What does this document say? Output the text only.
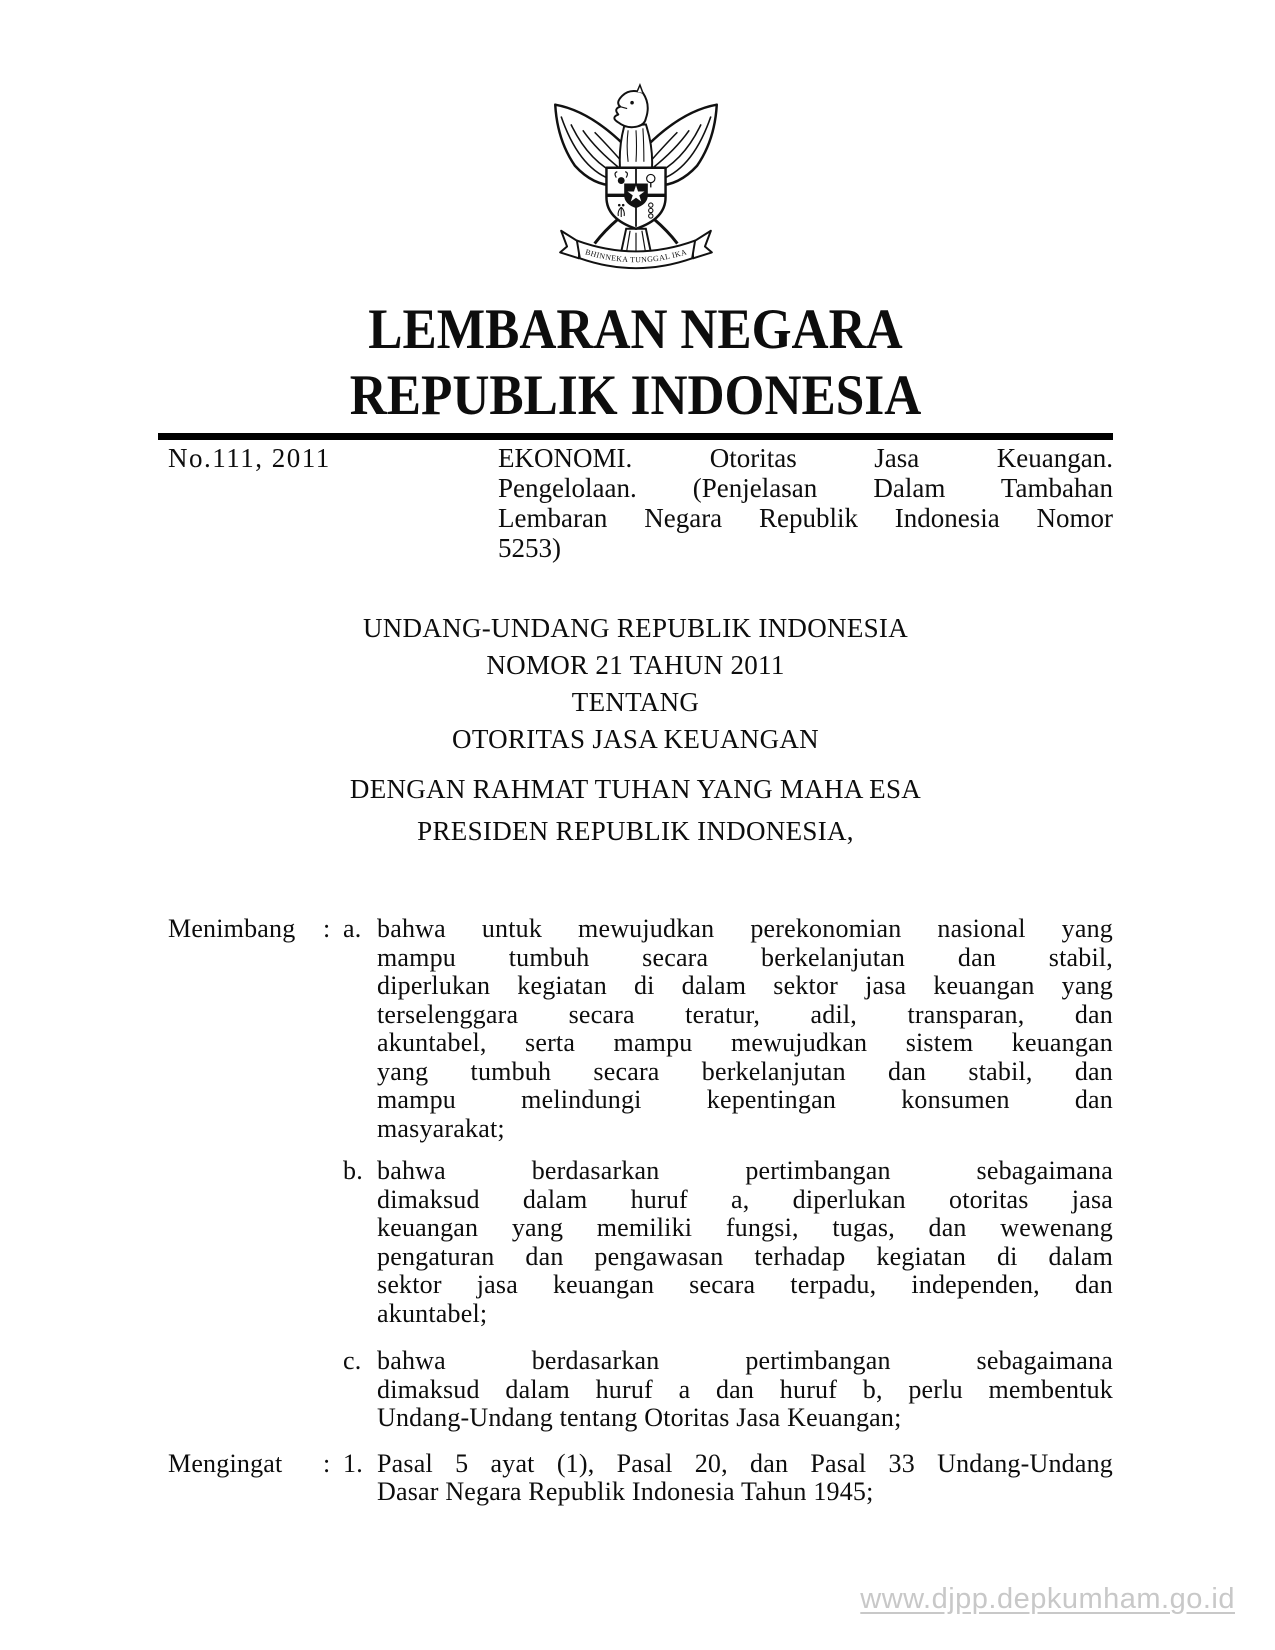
BHINNEKA TUNGGAL IKA
LEMBARAN NEGARA
REPUBLIK INDONESIA
No.111, 2011	EKONOMI. Otoritas Jasa Keuangan.
Pengelolaan. (Penjelasan Dalam Tambahan
Lembaran Negara Republik Indonesia Nomor
5253)
UNDANG-UNDANG REPUBLIK INDONESIA
NOMOR 21 TAHUN 2011
TENTANG
OTORITAS JASA KEUANGAN
DENGAN RAHMAT TUHAN YANG MAHA ESA
PRESIDEN REPUBLIK INDONESIA,
Menimbang	: a. bahwa untuk mewujudkan perekonomian nasional yang
mampu tumbuh secara berkelanjutan dan stabil,
diperlukan kegiatan di dalam sektor jasa keuangan yang
terselenggara secara teratur, adil, transparan, dan
akuntabel, serta mampu mewujudkan sistem keuangan
yang tumbuh secara berkelanjutan dan stabil, dan
mampu melindungi kepentingan konsumen dan
masyarakat;
b. bahwa berdasarkan pertimbangan sebagaimana
dimaksud dalam huruf a, diperlukan otoritas jasa
keuangan yang memiliki fungsi, tugas, dan wewenang
pengaturan dan pengawasan terhadap kegiatan di dalam
sektor jasa keuangan secara terpadu, independen, dan
akuntabel;
c. bahwa berdasarkan pertimbangan sebagaimana
dimaksud dalam huruf a dan huruf b, perlu membentuk
Undang-Undang tentang Otoritas Jasa Keuangan;
Mengingat	: 1. Pasal 5 ayat (1), Pasal 20, dan Pasal 33 Undang-Undang
Dasar Negara Republik Indonesia Tahun 1945;
www.djpp.depkumham.go.id
